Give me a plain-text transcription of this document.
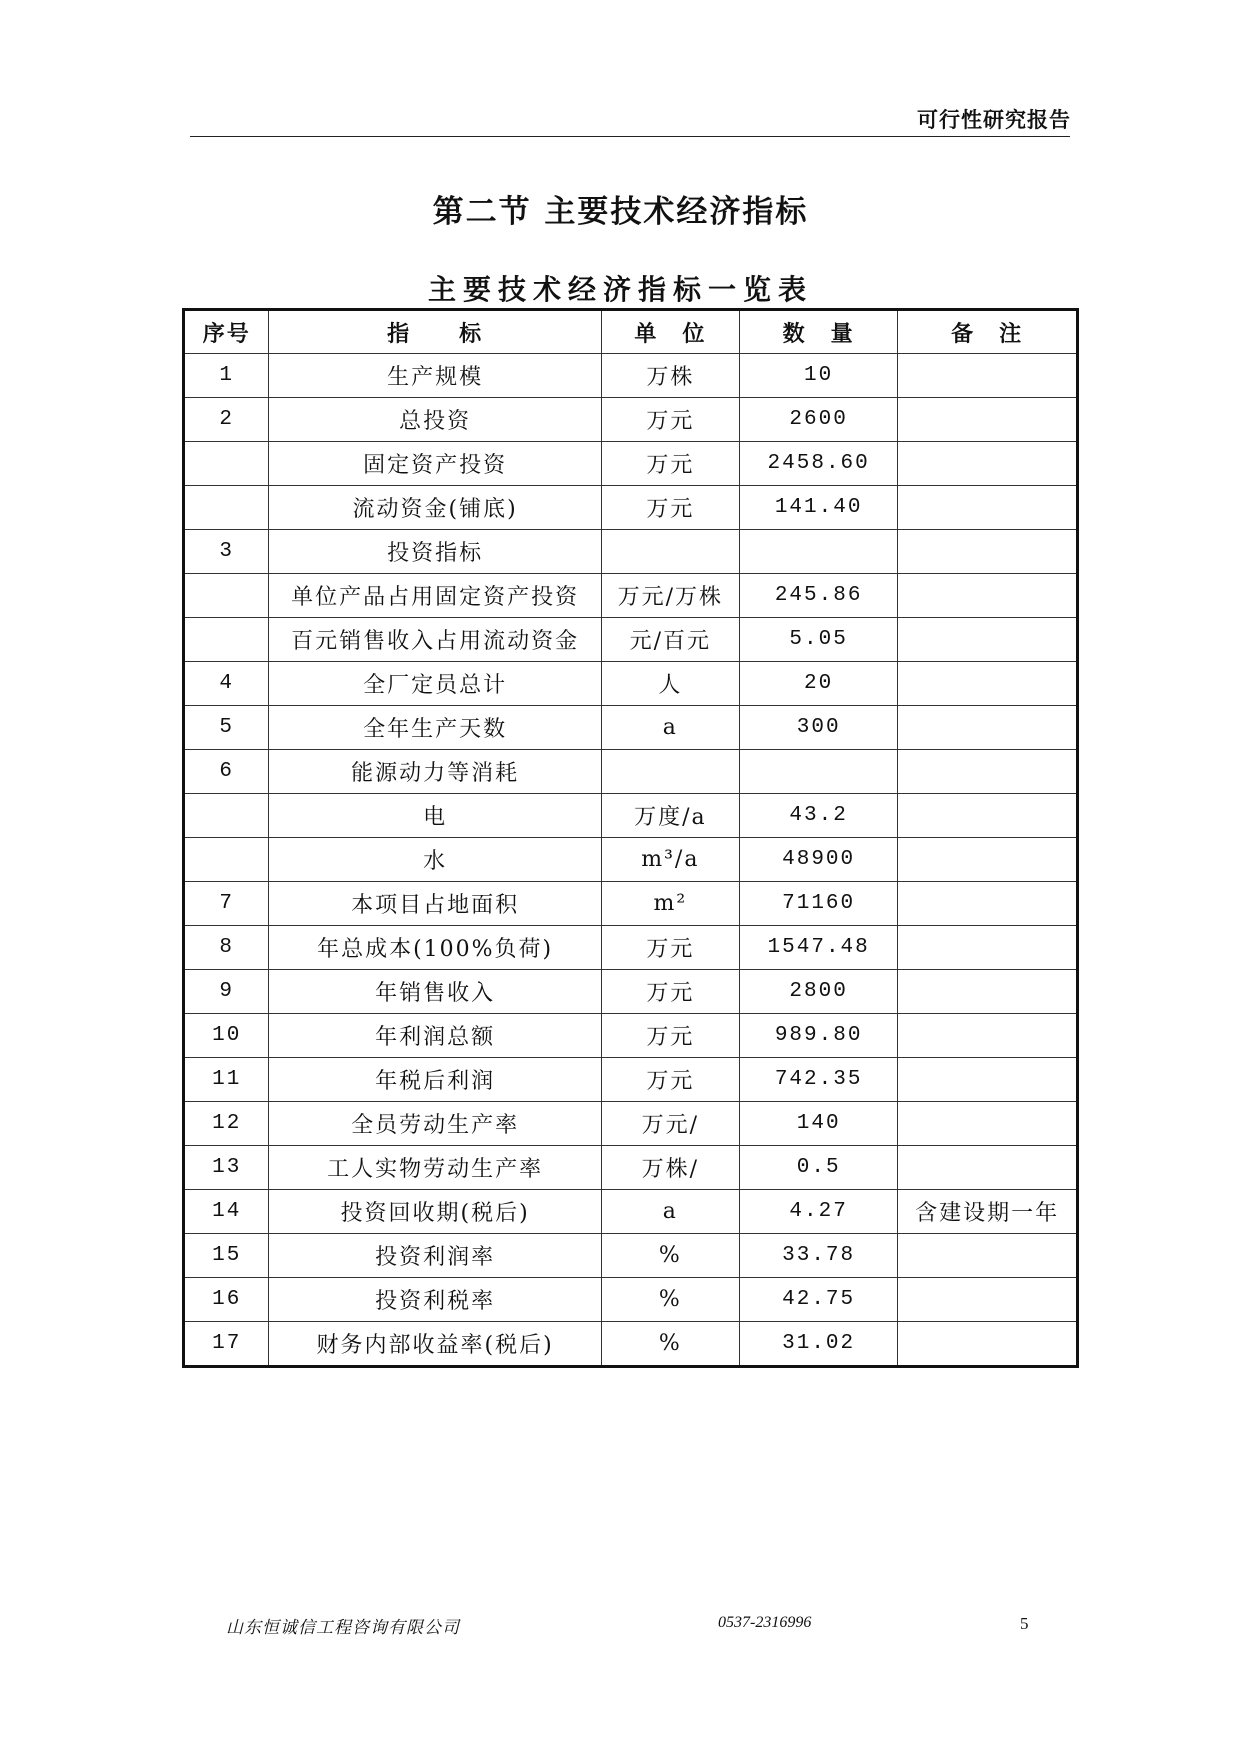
可行性研究报告
第二节 主要技术经济指标
主要技术经济指标一览表
序号	指　　标	单　位	数　量	备　注
1	生产规模	万株	10	
2	总投资	万元	2600	
	固定资产投资	万元	2458.60	
	流动资金(铺底)	万元	141.40	
3	投资指标			
	单位产品占用固定资产投资	万元/万株	245.86	
	百元销售收入占用流动资金	元/百元	5.05	
4	全厂定员总计	人	20	
5	全年生产天数	a	300	
6	能源动力等消耗			
	电	万度/a	43.2	
	水	m³/a	48900	
7	本项目占地面积	m²	71160	
8	年总成本(100%负荷)	万元	1547.48	
9	年销售收入	万元	2800	
10	年利润总额	万元	989.80	
11	年税后利润	万元	742.35	
12	全员劳动生产率	万元/	140	
13	工人实物劳动生产率	万株/	0.5	
14	投资回收期(税后)	a	4.27	含建设期一年
15	投资利润率	%	33.78	
16	投资利税率	%	42.75	
17	财务内部收益率(税后)	%	31.02	
山东恒诚信工程咨询有限公司	0537-2316996	5
